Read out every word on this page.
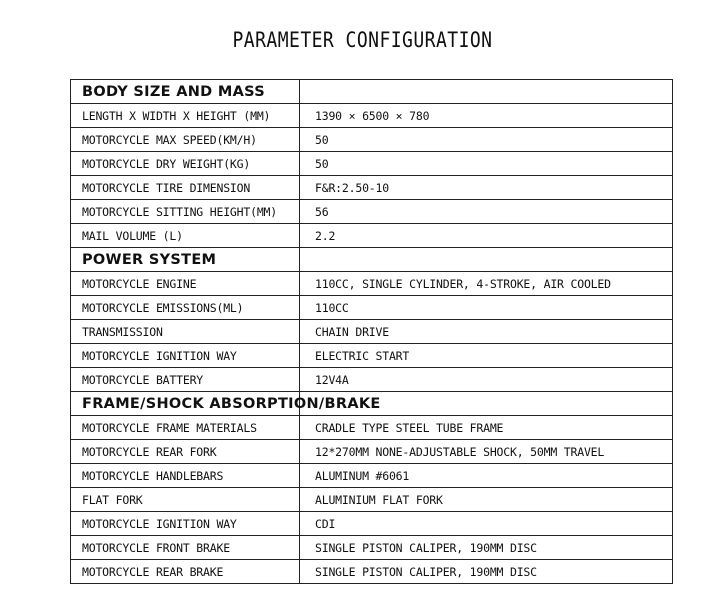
PARAMETER CONFIGURATION
BODY SIZE AND MASS	
LENGTH X WIDTH X HEIGHT (MM)	1390 × 6500 × 780
MOTORCYCLE MAX SPEED(KM/H)	50
MOTORCYCLE DRY WEIGHT(KG)	50
MOTORCYCLE TIRE DIMENSION	F&R:2.50-10
MOTORCYCLE SITTING HEIGHT(MM)	56
MAIL VOLUME (L)	2.2
POWER SYSTEM	
MOTORCYCLE ENGINE	110CC, SINGLE CYLINDER, 4-STROKE, AIR COOLED
MOTORCYCLE EMISSIONS(ML)	110CC
TRANSMISSION	CHAIN DRIVE
MOTORCYCLE IGNITION WAY	ELECTRIC START
MOTORCYCLE BATTERY	12V4A
FRAME/SHOCK ABSORPTION/BRAKE	
MOTORCYCLE FRAME MATERIALS	CRADLE TYPE STEEL TUBE FRAME
MOTORCYCLE REAR FORK	12*270MM NONE-ADJUSTABLE SHOCK, 50MM TRAVEL
MOTORCYCLE HANDLEBARS	ALUMINUM #6061
FLAT FORK	ALUMINIUM FLAT FORK
MOTORCYCLE IGNITION WAY	CDI
MOTORCYCLE FRONT BRAKE	SINGLE PISTON CALIPER, 190MM DISC
MOTORCYCLE REAR BRAKE	SINGLE PISTON CALIPER, 190MM DISC
